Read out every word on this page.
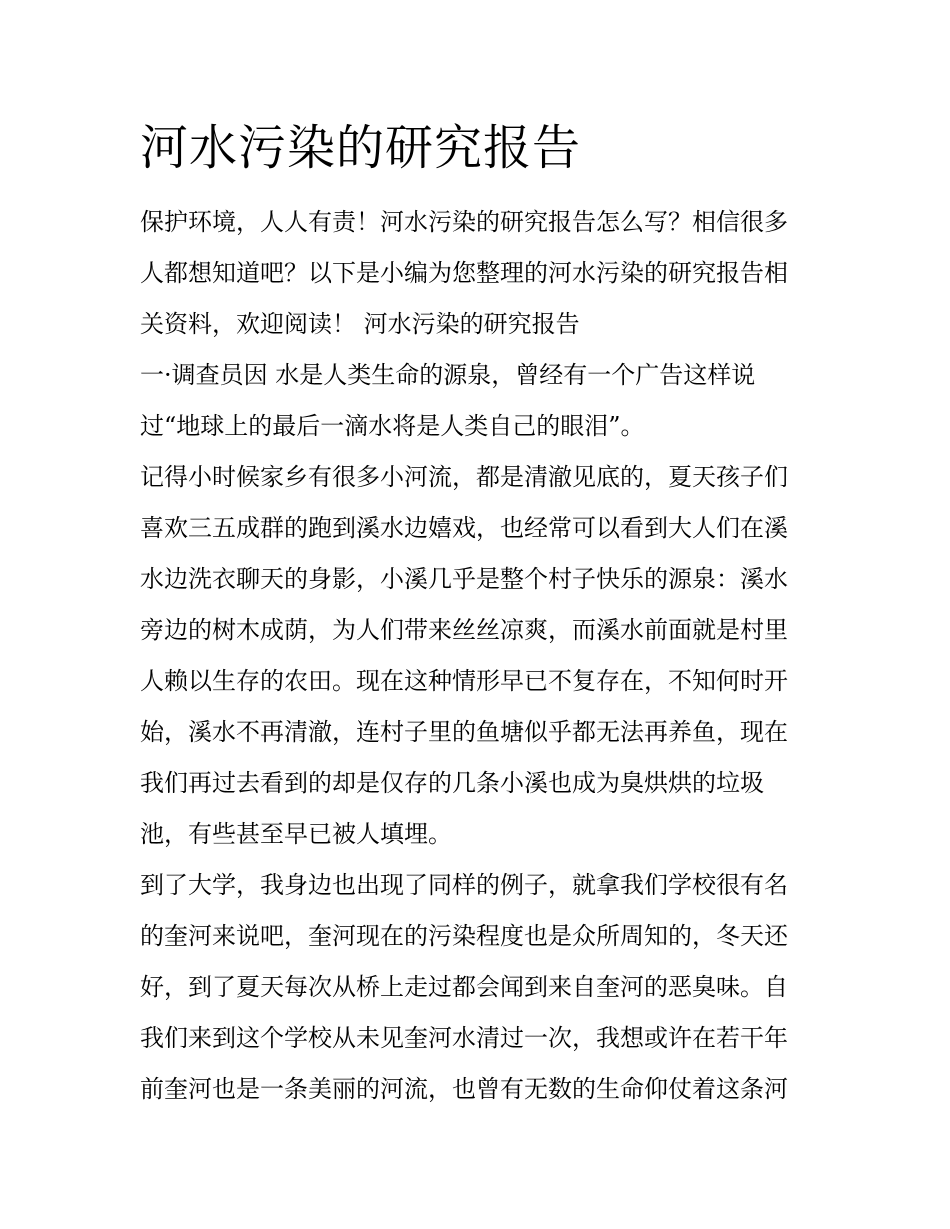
河水污染的研究报告

保护环境，人人有责！河水污染的研究报告怎么写？相信很多

人都想知道吧？以下是小编为您整理的河水污染的研究报告相

关资料，欢迎阅读！ 河水污染的研究报告

一·调查员因 水是人类生命的源泉，曾经有一个广告这样说

过“地球上的最后一滴水将是人类自己的眼泪”。

记得小时候家乡有很多小河流，都是清澈见底的，夏天孩子们

喜欢三五成群的跑到溪水边嬉戏，也经常可以看到大人们在溪

水边洗衣聊天的身影，小溪几乎是整个村子快乐的源泉：溪水

旁边的树木成荫，为人们带来丝丝凉爽，而溪水前面就是村里

人赖以生存的农田。现在这种情形早已不复存在，不知何时开

始，溪水不再清澈，连村子里的鱼塘似乎都无法再养鱼，现在

我们再过去看到的却是仅存的几条小溪也成为臭烘烘的垃圾

池，有些甚至早已被人填埋。

到了大学，我身边也出现了同样的例子，就拿我们学校很有名

的奎河来说吧，奎河现在的污染程度也是众所周知的，冬天还

好，到了夏天每次从桥上走过都会闻到来自奎河的恶臭味。自

我们来到这个学校从未见奎河水清过一次，我想或许在若干年

前奎河也是一条美丽的河流，也曾有无数的生命仰仗着这条河
